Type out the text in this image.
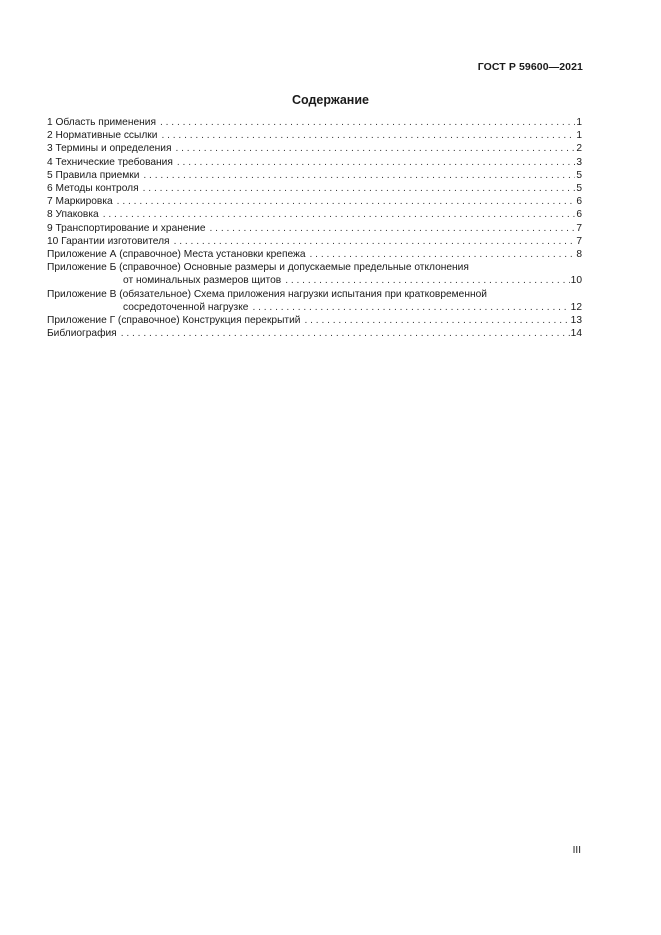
ГОСТ Р 59600—2021
Содержание
1 Область применения . . .	1
2 Нормативные ссылки . . .	1
3 Термины и определения . . .	2
4 Технические требования . . .	3
5 Правила приемки . . .	5
6 Методы контроля . . .	5
7 Маркировка . . .	6
8 Упаковка . . .	6
9 Транспортирование и хранение . . .	7
10 Гарантии изготовителя . . .	7
Приложение А (справочное) Места установки крепежа . . .	8
Приложение Б (справочное) Основные размеры и допускаемые предельные отклонения
от номинальных размеров щитов . . .	10
Приложение В (обязательное) Схема приложения нагрузки испытания при кратковременной
сосредоточенной нагрузке . . .	12
Приложение Г (справочное) Конструкция перекрытий . . .	13
Библиография . . .	14
III
